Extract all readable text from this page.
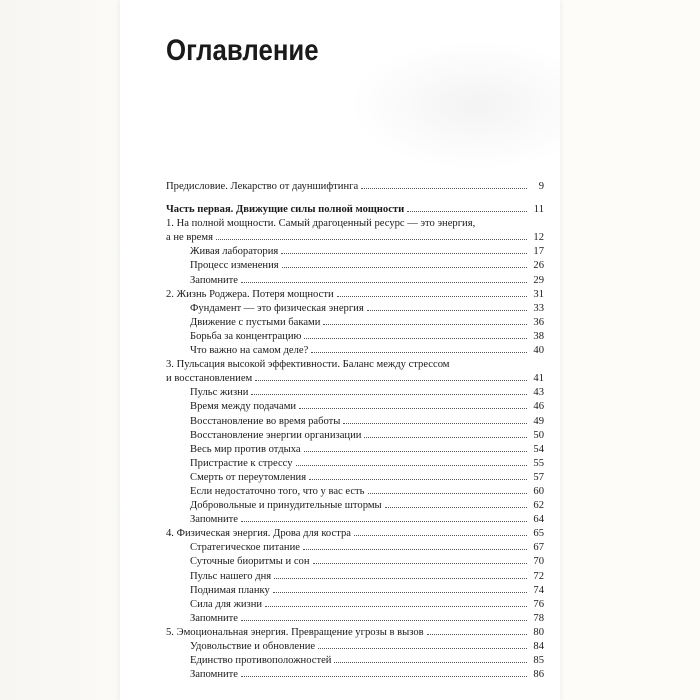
Оглавление
Предисловие. Лекарство от дауншифтинга	9
Часть первая. Движущие силы полной мощности	11
1. На полной мощности. Самый драгоценный ресурс — это энергия,
а не время	12
Живая лаборатория	17
Процесс изменения	26
Запомните	29
2. Жизнь Роджера. Потеря мощности	31
Фундамент — это физическая энергия	33
Движение с пустыми баками	36
Борьба за концентрацию	38
Что важно на самом деле?	40
3. Пульсация высокой эффективности. Баланс между стрессом
и восстановлением	41
Пульс жизни	43
Время между подачами	46
Восстановление во время работы	49
Восстановление энергии организации	50
Весь мир против отдыха	54
Пристрастие к стрессу	55
Смерть от переутомления	57
Если недостаточно того, что у вас есть	60
Добровольные и принудительные штормы	62
Запомните	64
4. Физическая энергия. Дрова для костра	65
Стратегическое питание	67
Суточные биоритмы и сон	70
Пульс нашего дня	72
Поднимая планку	74
Сила для жизни	76
Запомните	78
5. Эмоциональная энергия. Превращение угрозы в вызов	80
Удовольствие и обновление	84
Единство противоположностей	85
Запомните	86
